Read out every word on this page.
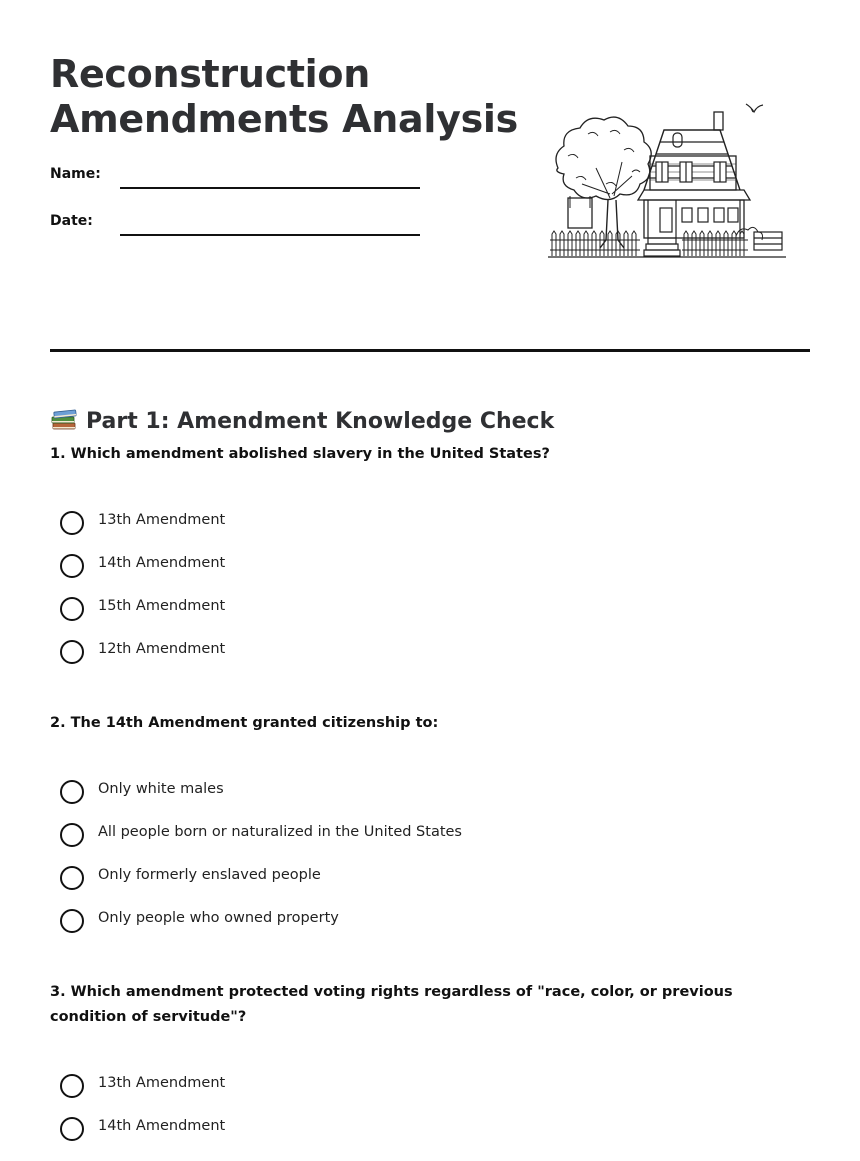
Reconstruction Amendments Analysis
Name:
Date:
Part 1: Amendment Knowledge Check

1. Which amendment abolished slavery in the United States?

13th Amendment
14th Amendment
15th Amendment
12th Amendment

2. The 14th Amendment granted citizenship to:

Only white males
All people born or naturalized in the United States
Only formerly enslaved people
Only people who owned property

3. Which amendment protected voting rights regardless of "race, color, or previous condition of servitude"?

13th Amendment
14th Amendment
